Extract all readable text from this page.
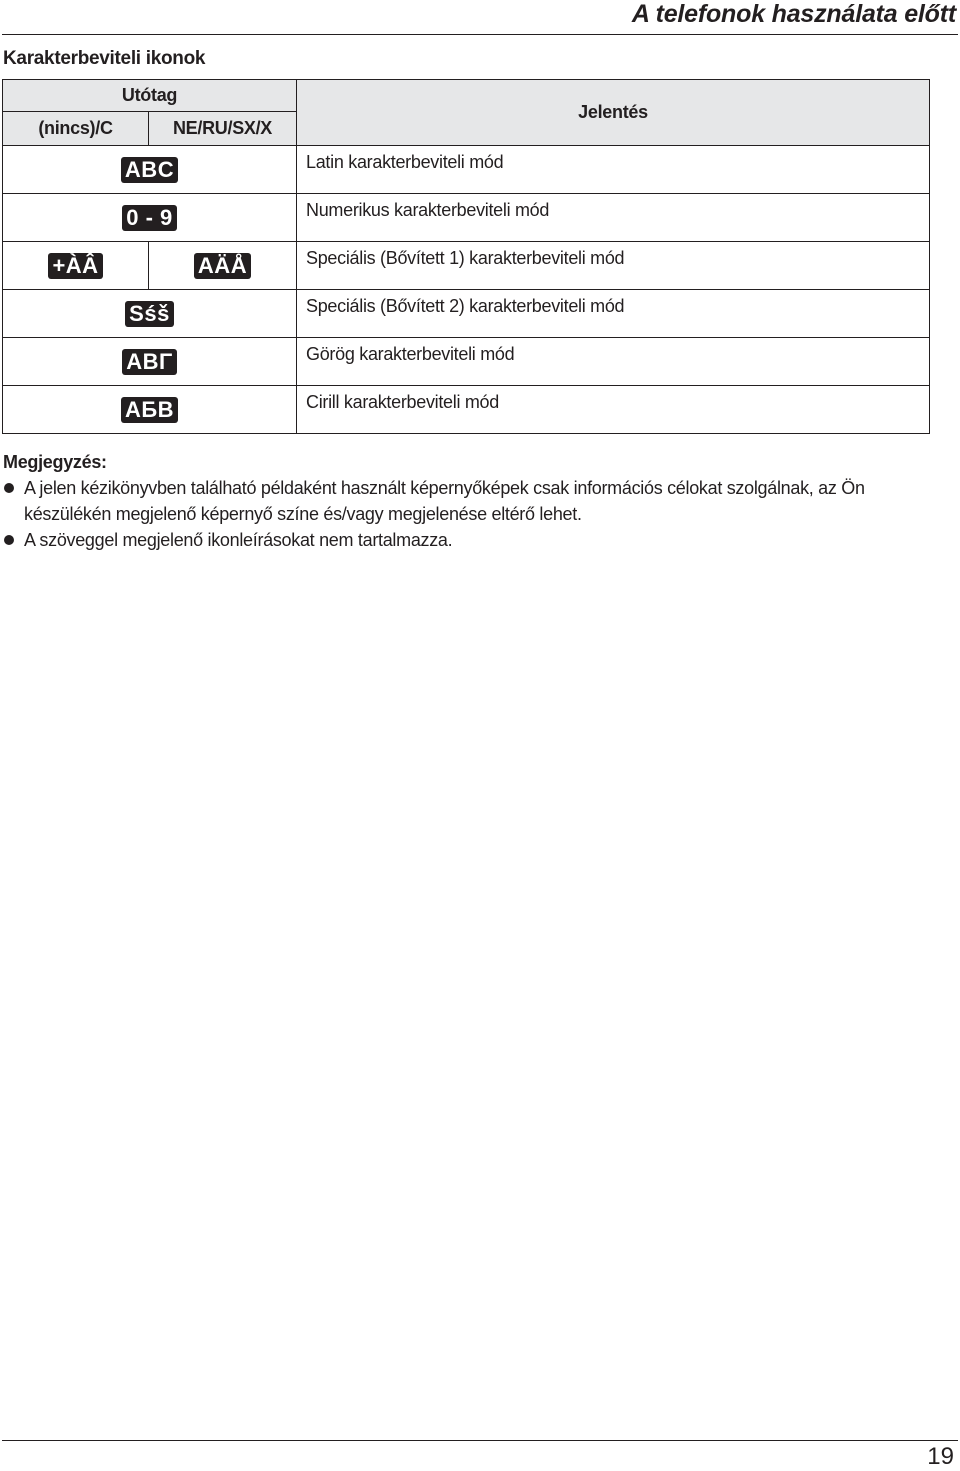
A telefonok használata előtt
Karakterbeviteli ikonok
Utótag		Jelentés
(nincs)/C	NE/RU/SX/X	
ABC		Latin karakterbeviteli mód
0 - 9		Numerikus karakterbeviteli mód
+ÀÂ	AÄÅ	Speciális (Bővített 1) karakterbeviteli mód
Sśš		Speciális (Bővített 2) karakterbeviteli mód
ΑΒΓ		Görög karakterbeviteli mód
АБВ		Cirill karakterbeviteli mód
Megjegyzés:
A jelen kézikönyvben található példaként használt képernyőképek csak információs célokat szolgálnak, az Ön készülékén megjelenő képernyő színe és/vagy megjelenése eltérő lehet.
A szöveggel megjelenő ikonleírásokat nem tartalmazza.
19
